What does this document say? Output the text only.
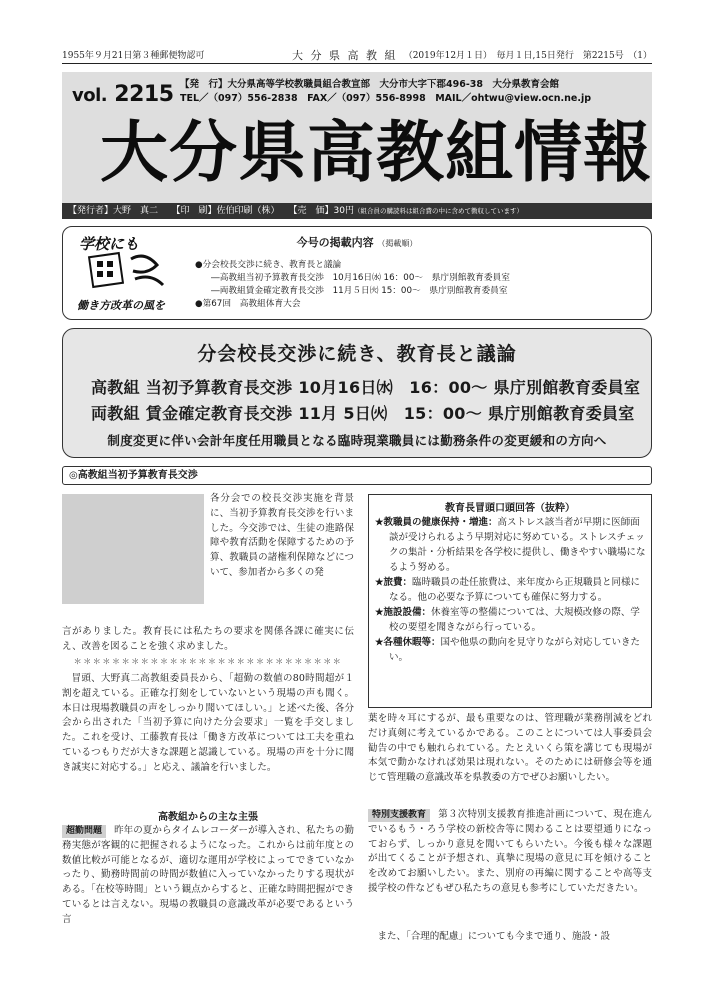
1955年９月21日第３種郵便物認可	大 分 県 高 教 組 （2019年12月１日）　毎月１日,15日発行　第2215号　（1）
vol. 2215 【発　行】大分県高等学校教職員組合教宣部　大分市大字下郡496-38　大分県教育会館
TEL／（097）556-2838　FAX／（097）556-8998　MAIL／ohtwu@view.ocn.ne.jp
大分県高教組情報
【発行者】大野　真二　　【印　刷】佐伯印刷（株）　　【売　価】30円（組合員の購読料は組合費の中に含めて徴収しています）
学校にも
働き方改革の風を
今号の掲載内容 （掲載順）
●分会校長交渉に続き、教育長と議論
―高教組当初予算教育長交渉　10月16日㈬ 16：00～　県庁別館教育委員室
―両教組賃金確定教育長交渉　11月５日㈫ 15：00～　県庁別館教育委員室
●第67回　高教組体育大会
分会校長交渉に続き、教育長と議論
高教組 当初予算教育長交渉 10月16日㈬　16：00～ 県庁別館教育委員室
両教組 賃金確定教育長交渉 11月 5日㈫　15：00～ 県庁別館教育委員室
制度変更に伴い会計年度任用職員となる臨時現業職員には勤務条件の変更緩和の方向へ
◎高教組当初予算教育長交渉
各分会での校長交渉実施を背景に、当初予算教育長交渉を行いました。今交渉では、生徒の進路保障や教育活動を保障するための予算、教職員の諸権利保障などについて、参加者から多くの発
言がありました。教育長には私たちの要求を関係各課に確実に伝え、改善を図ることを強く求めました。
＊＊＊＊＊＊＊＊＊＊＊＊＊＊＊＊＊＊＊＊＊＊＊＊＊＊＊＊
冒頭、大野真二高教組委員長から、「超勤の数値の80時間超が１割を超えている。正確な打刻をしていないという現場の声も聞く。本日は現場教職員の声をしっかり聞いてほしい。」と述べた後、各分会から出された「当初予算に向けた分会要求」一覧を手交しました。これを受け、工藤教育長は「働き方改革については工夫を重ねているつもりだが大きな課題と認識している。現場の声を十分に聞き誠実に対応する。」と応え、議論を行いました。
高教組からの主な主張
超勤問題 昨年の夏からタイムレコーダーが導入され、私たちの勤務実態が客観的に把握されるようになった。これからは前年度との数値比較が可能となるが、適切な運用が学校によってできていなかったり、勤務時間前の時間が数値に入っていなかったりする現状がある。「在校等時間」という観点からすると、正確な時間把握ができているとは言えない。現場の教職員の意識改革が必要であるという言
教育長冒頭口頭回答（抜粋）
★教職員の健康保持・増進：高ストレス該当者が早期に医師面談が受けられるよう早期対応に努めている。ストレスチェックの集計・分析結果を各学校に提供し、働きやすい職場になるよう努める。
★旅費：臨時職員の赴任旅費は、来年度から正規職員と同様になる。他の必要な予算についても確保に努力する。
★施設設備：休養室等の整備については、大規模改修の際、学校の要望を聞きながら行っている。
★各種休暇等：国や他県の動向を見守りながら対応していきたい。
葉を時々耳にするが、最も重要なのは、管理職が業務削減をどれだけ真剣に考えているかである。このことについては人事委員会勧告の中でも触れられている。たとえいくら策を講じても現場が本気で動かなければ効果は現れない。そのためには研修会等を通じて管理職の意識改革を県教委の方でぜひお願いしたい。
特別支援教育 第３次特別支援教育推進計画について、現在進んでいるもう・ろう学校の新校舎等に関わることは要望通りになっておらず、しっかり意見を聞いてもらいたい。今後も様々な課題が出てくることが予想され、真摯に現場の意見に耳を傾けることを改めてお願いしたい。また、別府の再編に関することや高等支援学校の件などもぜひ私たちの意見も参考にしていただきたい。
また、「合理的配慮」についても今まで通り、施設・設
